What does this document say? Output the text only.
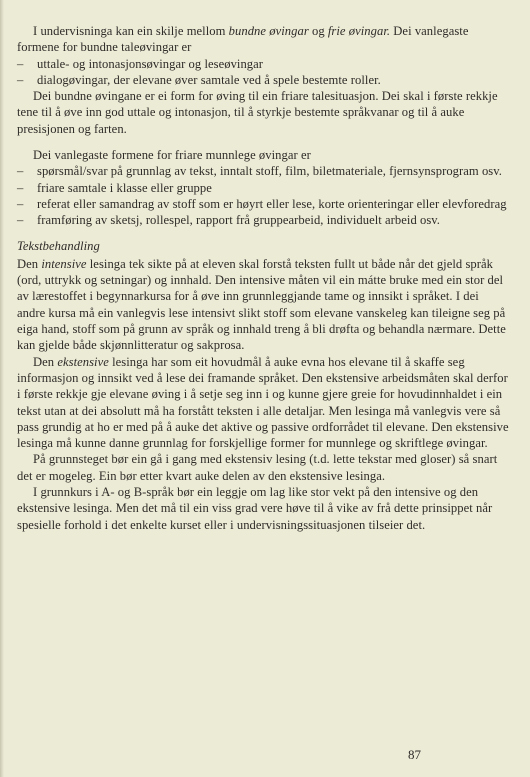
I undervisninga kan ein skilje mellom bundne øvingar og frie øvingar. Dei vanlegaste formene for bundne taleøvingar er

–	uttale- og intonasjonsøvingar og leseøvingar
–	dialogøvingar, der elevane øver samtale ved å spele bestemte roller.

Dei bundne øvingane er ei form for øving til ein friare talesituasjon. Dei skal i første rekkje tene til å øve inn god uttale og intonasjon, til å styrkje bestemte språkvanar og til å auke presisjonen og farten.

Dei vanlegaste formene for friare munnlege øvingar er

–	spørsmål/svar på grunnlag av tekst, inntalt stoff, film, biletmateriale, fjernsynsprogram osv.
–	friare samtale i klasse eller gruppe
–	referat eller samandrag av stoff som er høyrt eller lese, korte orienteringar eller elevforedrag
–	framføring av sketsj, rollespel, rapport frå gruppearbeid, individuelt arbeid osv.

Tekstbehandling

Den intensive lesinga tek sikte på at eleven skal forstå teksten fullt ut både når det gjeld språk (ord, uttrykk og setningar) og innhald. Den intensive måten vil ein mátte bruke med ein stor del av lærestoffet i begynnarkursa for å øve inn grunnleggjande tame og innsikt i språket. I dei andre kursa må ein vanlegvis lese intensivt slikt stoff som elevane vanskeleg kan tileigne seg på eiga hand, stoff som på grunn av språk og innhald treng å bli drøfta og behandla nærmare. Dette kan gjelde både skjønnlitteratur og sakprosa.

Den ekstensive lesinga har som eit hovudmål å auke evna hos elevane til å skaffe seg informasjon og innsikt ved å lese dei framande språket. Den ekstensive arbeidsmåten skal derfor i første rekkje gje elevane øving i å setje seg inn i og kunne gjere greie for hovudinnhaldet i ein tekst utan at dei absolutt må ha forstått teksten i alle detaljar. Men lesinga må vanlegvis vere så pass grundig at ho er med på å auke det aktive og passive ordforrådet til elevane. Den ekstensive lesinga må kunne danne grunnlag for forskjellige former for munnlege og skriftlege øvingar.

På grunnsteget bør ein gå i gang med ekstensiv lesing (t.d. lette tekstar med gloser) så snart det er mogeleg. Ein bør etter kvart auke delen av den ekstensive lesinga.

I grunnkurs i A- og B-språk bør ein leggje om lag like stor vekt på den intensive og den ekstensive lesinga. Men det må til ein viss grad vere høve til å vike av frå dette prinsippet når spesielle forhold i det enkelte kurset eller i undervisningssituasjonen tilseier det.

87
